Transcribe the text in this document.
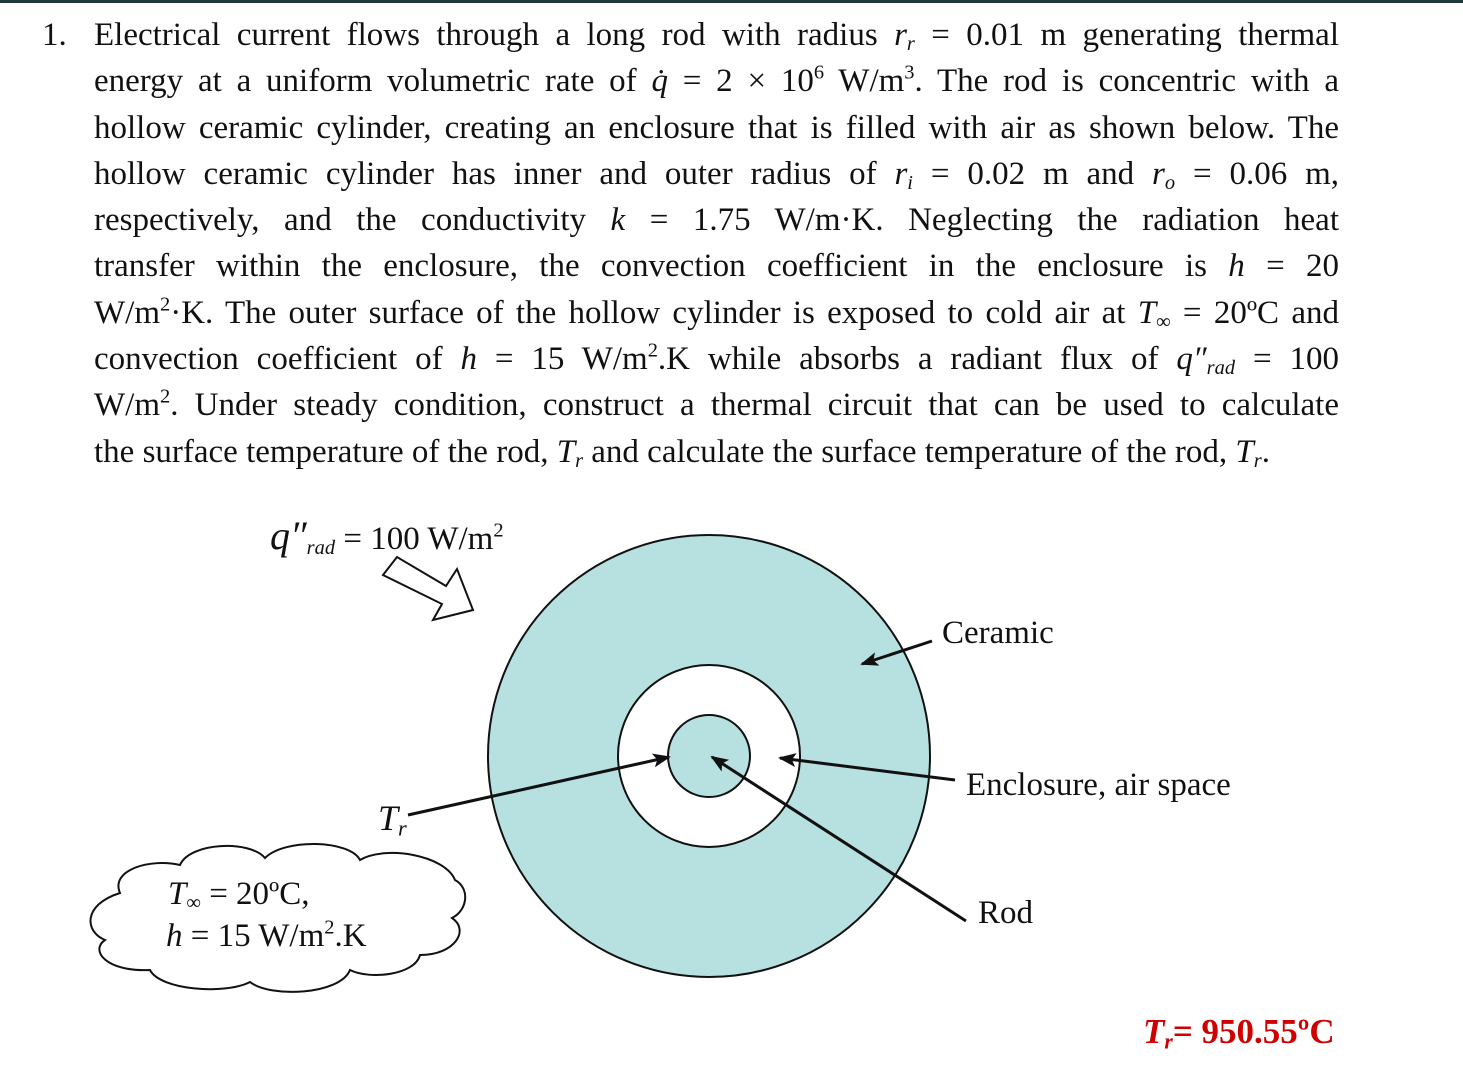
1. Electrical current flows through a long rod with radius $r_r = 0.01$ m generating thermal
energy at a uniform volumetric rate of q̇ = $2 \times 10^6$ $W/m^3$. The rod is concentric with a
hollow ceramic cylinder, creating an enclosure that is filled with air as shown below. The
hollow ceramic cylinder has inner and outer radius of $r_i = 0.02$ m and $r_o = 0.06$ m,
respectively, and the conductivity k = 1.75 W/m·K. Neglecting the radiation heat
transfer within the enclosure, the convection coefficient in the enclosure is h = 20
$W/m^2\cdot K$. The outer surface of the hollow cylinder is exposed to cold air at $T_\infty$ = 20ºC and
convection coefficient of h = 15 $W/m^2.K$ while absorbs a radiant flux of $q''_{rad} = 100$
$W/m^2$. Under steady condition, construct a thermal circuit that can be used to calculate
the surface temperature of the rod, $T_r$ and calculate the surface temperature of the rod, $T_r$.
$q''_{rad} = 100$ $W/m^2$
Ceramic
Enclosure, air space
Rod
$T_r$
$T_\infty$ = 20ºC,
h = 15 $W/m^2.K$
$T_r=$ 950.55ºC
